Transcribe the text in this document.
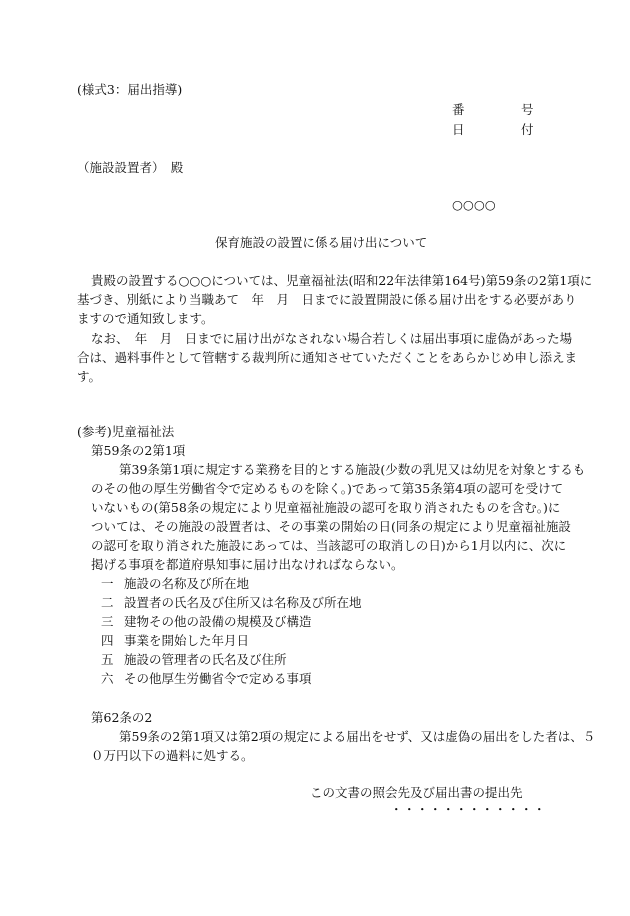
(様式3：届出指導)
番	号
日	付
（施設設置者）　殿
○○○○
保育施設の設置に係る届け出について
貴殿の設置する○○○については、児童福祉法(昭和22年法律第164号)第59条の2第1項に
基づき、別紙により当職あて　年　月　日までに設置開設に係る届け出をする必要があり
ますので通知致します。
なお、　年　月　日までに届け出がなされない場合若しくは届出事項に虚偽があった場
合は、過料事件として管轄する裁判所に通知させていただくことをあらかじめ申し添えま
す。
(参考)児童福祉法
第59条の2第1項
第39条第1項に規定する業務を目的とする施設(少数の乳児又は幼児を対象とするも
のその他の厚生労働省令で定めるものを除く。)であって第35条第4項の認可を受けて
いないもの(第58条の規定により児童福祉施設の認可を取り消されたものを含む。)に
ついては、その施設の設置者は、その事業の開始の日(同条の規定により児童福祉施設
の認可を取り消された施設にあっては、当該認可の取消しの日)から1月以内に、次に
掲げる事項を都道府県知事に届け出なければならない。
一 施設の名称及び所在地
二 設置者の氏名及び住所又は名称及び所在地
三 建物その他の設備の規模及び構造
四 事業を開始した年月日
五 施設の管理者の氏名及び住所
六 その他厚生労働省令で定める事項
第62条の2
第59条の2第1項又は第2項の規定による届出をせず、又は虚偽の届出をした者は、５
０万円以下の過料に処する。
この文書の照会先及び届出書の提出先
・・・・・・・・・・・・
